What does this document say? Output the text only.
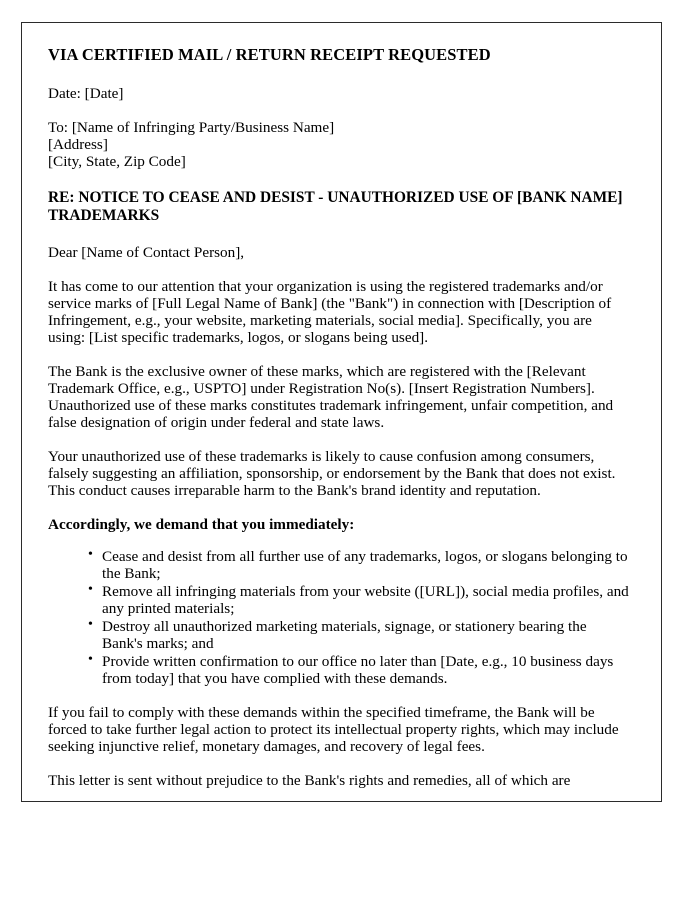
VIA CERTIFIED MAIL / RETURN RECEIPT REQUESTED
Date: [Date]
To: [Name of Infringing Party/Business Name]
[Address]
[City, State, Zip Code]
RE: NOTICE TO CEASE AND DESIST - UNAUTHORIZED USE OF [BANK NAME] TRADEMARKS
Dear [Name of Contact Person],
It has come to our attention that your organization is using the registered trademarks and/or service marks of [Full Legal Name of Bank] (the "Bank") in connection with [Description of Infringement, e.g., your website, marketing materials, social media]. Specifically, you are using: [List specific trademarks, logos, or slogans being used].
The Bank is the exclusive owner of these marks, which are registered with the [Relevant Trademark Office, e.g., USPTO] under Registration No(s). [Insert Registration Numbers]. Unauthorized use of these marks constitutes trademark infringement, unfair competition, and false designation of origin under federal and state laws.
Your unauthorized use of these trademarks is likely to cause confusion among consumers, falsely suggesting an affiliation, sponsorship, or endorsement by the Bank that does not exist. This conduct causes irreparable harm to the Bank's brand identity and reputation.
Accordingly, we demand that you immediately:
• Cease and desist from all further use of any trademarks, logos, or slogans belonging to the Bank;
• Remove all infringing materials from your website ([URL]), social media profiles, and any printed materials;
• Destroy all unauthorized marketing materials, signage, or stationery bearing the Bank's marks; and
• Provide written confirmation to our office no later than [Date, e.g., 10 business days from today] that you have complied with these demands.
If you fail to comply with these demands within the specified timeframe, the Bank will be forced to take further legal action to protect its intellectual property rights, which may include seeking injunctive relief, monetary damages, and recovery of legal fees.
This letter is sent without prejudice to the Bank's rights and remedies, all of which are
